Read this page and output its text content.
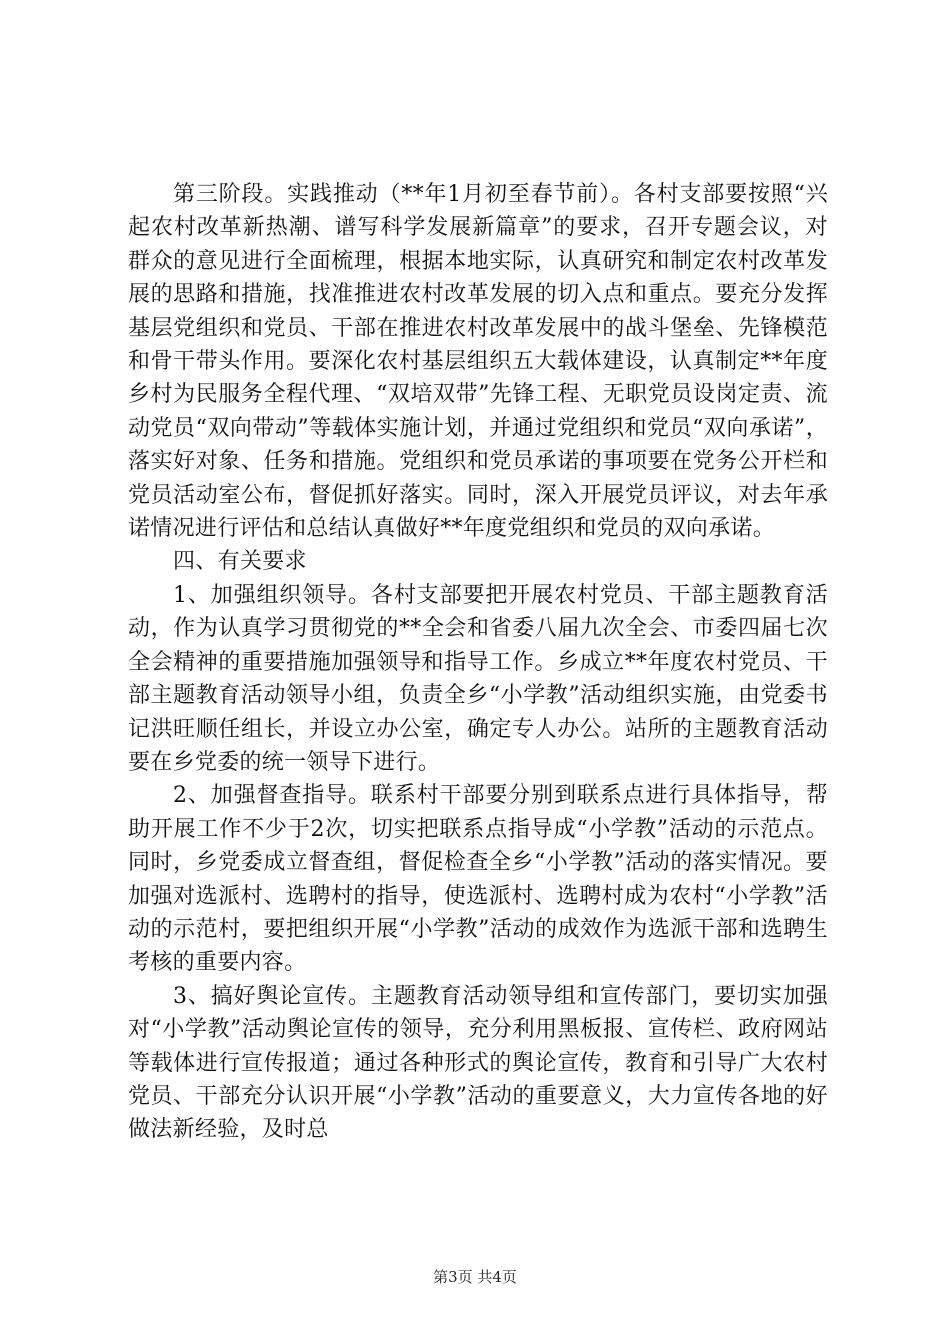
第三阶段。实践推动（**年1月初至春节前）。各村支部要按照“兴起农村改革新热潮、谱写科学发展新篇章”的要求，召开专题会议，对群众的意见进行全面梳理，根据本地实际，认真研究和制定农村改革发展的思路和措施，找准推进农村改革发展的切入点和重点。要充分发挥基层党组织和党员、干部在推进农村改革发展中的战斗堡垒、先锋模范和骨干带头作用。要深化农村基层组织五大载体建设，认真制定**年度乡村为民服务全程代理、“双培双带”先锋工程、无职党员设岗定责、流动党员“双向带动”等载体实施计划，并通过党组织和党员“双向承诺”，落实好对象、任务和措施。党组织和党员承诺的事项要在党务公开栏和党员活动室公布，督促抓好落实。同时，深入开展党员评议，对去年承诺情况进行评估和总结认真做好**年度党组织和党员的双向承诺。

四、有关要求

1、加强组织领导。各村支部要把开展农村党员、干部主题教育活动，作为认真学习贯彻党的**全会和省委八届九次全会、市委四届七次全会精神的重要措施加强领导和指导工作。乡成立**年度农村党员、干部主题教育活动领导小组，负责全乡“小学教”活动组织实施，由党委书记洪旺顺任组长，并设立办公室，确定专人办公。站所的主题教育活动要在乡党委的统一领导下进行。

2、加强督查指导。联系村干部要分别到联系点进行具体指导，帮助开展工作不少于2次，切实把联系点指导成“小学教”活动的示范点。同时，乡党委成立督查组，督促检查全乡“小学教”活动的落实情况。要加强对选派村、选聘村的指导，使选派村、选聘村成为农村“小学教”活动的示范村，要把组织开展“小学教”活动的成效作为选派干部和选聘生考核的重要内容。

3、搞好舆论宣传。主题教育活动领导组和宣传部门，要切实加强对“小学教”活动舆论宣传的领导，充分利用黑板报、宣传栏、政府网站等载体进行宣传报道；通过各种形式的舆论宣传，教育和引导广大农村党员、干部充分认识开展“小学教”活动的重要意义，大力宣传各地的好做法新经验，及时总

第3页 共4页
